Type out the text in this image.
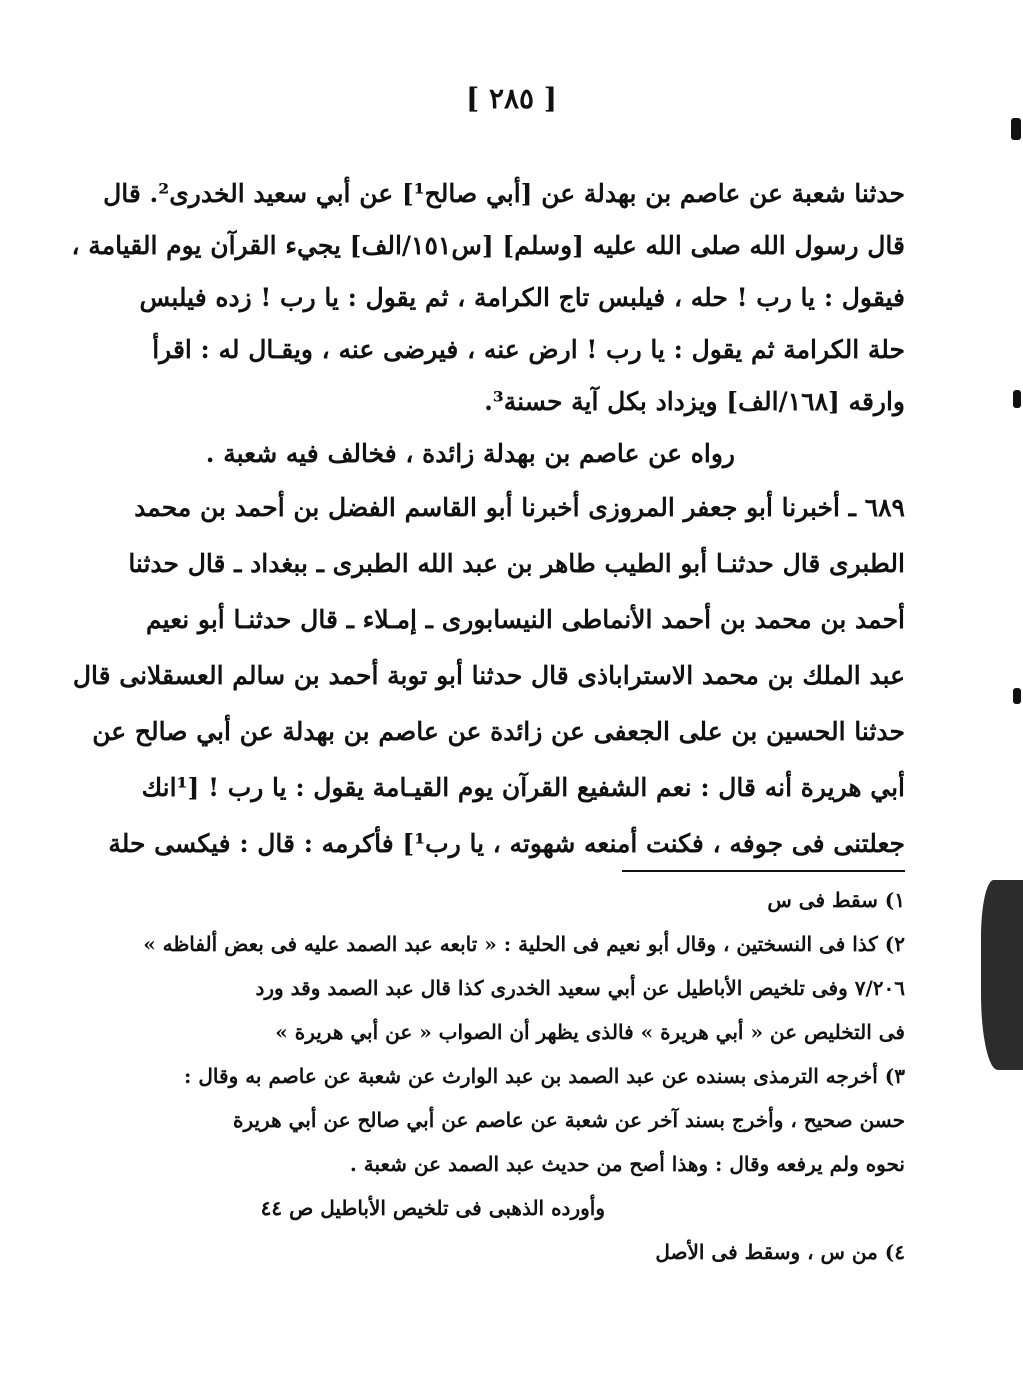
[ ٢٨٥ ]
حدثنا شعبة عن عاصم بن بهدلة عن [أبي صالح¹] عن أبي سعيد الخدرى². قال
قال رسول الله صلى الله عليه [وسلم] [س١٥١/الف] يجيء القرآن يوم القيامة ،
فيقول : يا رب ! حله ، فيلبس تاج الكرامة ، ثم يقول : يا رب ! زده فيلبس
حلة الكرامة ثم يقول : يا رب ! ارض عنه ، فيرضى عنه ، ويقـال له : اقرأ
وارقه [١٦٨/الف] ويزداد بكل آية حسنة³.
رواه عن عاصم بن بهدلة زائدة ، فخالف فيه شعبة .
٦٨٩ ـ أخبرنا أبو جعفر المروزى أخبرنا أبو القاسم الفضل بن أحمد بن محمد
الطبرى قال حدثنـا أبو الطيب طاهر بن عبد الله الطبرى ـ ببغداد ـ قال حدثنا
أحمد بن محمد بن أحمد الأنماطى النيسابورى ـ إمـلاء ـ قال حدثنـا أبو نعيم
عبد الملك بن محمد الاستراباذى قال حدثنا أبو توبة أحمد بن سالم العسقلانى قال
حدثنا الحسين بن على الجعفى عن زائدة عن عاصم بن بهدلة عن أبي صالح عن
أبي هريرة أنه قال : نعم الشفيع القرآن يوم القيـامة يقول : يا رب ! [¹انك
جعلتنى فى جوفه ، فكنت أمنعه شهوته ، يا رب¹] فأكرمه : قال : فيكسى حلة
١) سقط فى س
٢) كذا فى النسختين ، وقال أبو نعيم فى الحلية : « تابعه عبد الصمد عليه فى بعض ألفاظه »
٧/٢٠٦ وفى تلخيص الأباطيل عن أبي سعيد الخدرى كذا قال عبد الصمد وقد ورد
فى التخليص عن « أبي هريرة » فالذى يظهر أن الصواب « عن أبي هريرة »
٣) أخرجه الترمذى بسنده عن عبد الصمد بن عبد الوارث عن شعبة عن عاصم به وقال :
حسن صحيح ، وأخرج بسند آخر عن شعبة عن عاصم عن أبي صالح عن أبي هريرة
نحوه ولم يرفعه وقال : وهذا أصح من حديث عبد الصمد عن شعبة .
وأورده الذهبى فى تلخيص الأباطيل ص ٤٤
٤) من س ، وسقط فى الأصل
